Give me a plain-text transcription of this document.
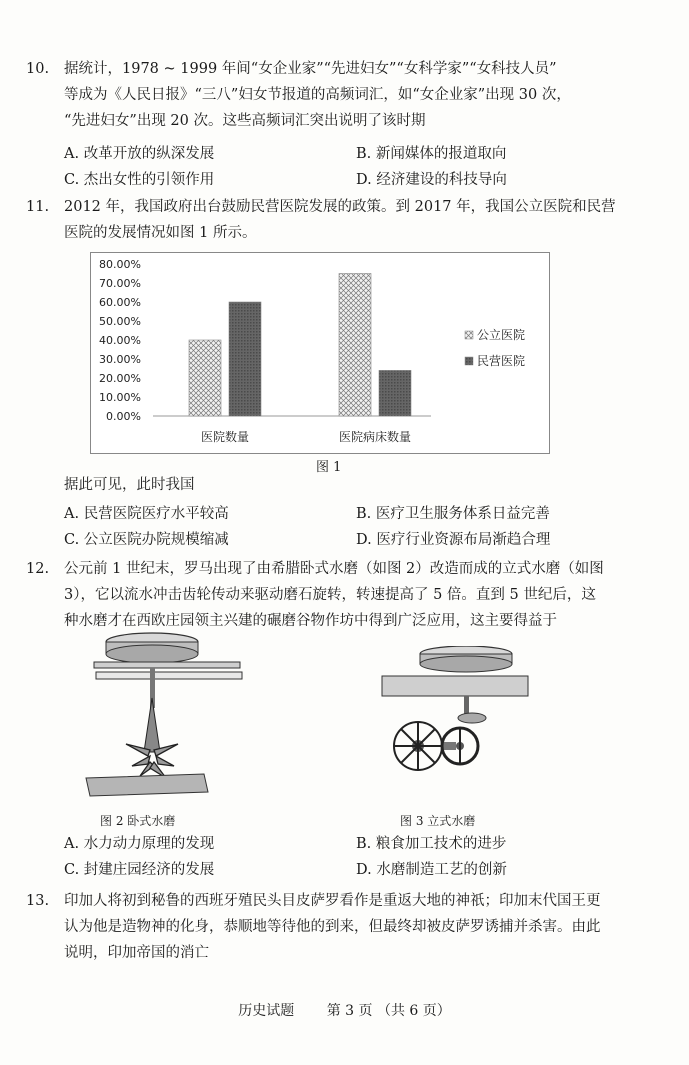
10.	据统计，1978 ~ 1999 年间“女企业家”“先进妇女”“女科学家”“女科技人员”
等成为《人民日报》“三八”妇女节报道的高频词汇，如“女企业家”出现 30 次，
“先进妇女”出现 20 次。这些高频词汇突出说明了该时期
A. 改革开放的纵深发展	B. 新闻媒体的报道取向
C. 杰出女性的引领作用	D. 经济建设的科技导向
11.	2012 年，我国政府出台鼓励民营医院发展的政策。到 2017 年，我国公立医院和民营
医院的发展情况如图 1 所示。
0.00%
10.00%
20.00%
30.00%
40.00%
50.00%
60.00%
70.00%
80.00%
医院数量	医院病床数量
公立医院
民营医院
图 1
据此可见，此时我国
A. 民营医院医疗水平较高	B. 医疗卫生服务体系日益完善
C. 公立医院办院规模缩减	D. 医疗行业资源布局渐趋合理
12.	公元前 1 世纪末，罗马出现了由希腊卧式水磨（如图 2）改造而成的立式水磨（如图
3），它以流水冲击齿轮传动来驱动磨石旋转，转速提高了 5 倍。直到 5 世纪后，这
种水磨才在西欧庄园领主兴建的碾磨谷物作坊中得到广泛应用，这主要得益于
图 2 卧式水磨	图 3 立式水磨
A. 水力动力原理的发现	B. 粮食加工技术的进步
C. 封建庄园经济的发展	D. 水磨制造工艺的创新
13.	印加人将初到秘鲁的西班牙殖民头目皮萨罗看作是重返大地的神祇；印加末代国王更
认为他是造物神的化身，恭顺地等待他的到来，但最终却被皮萨罗诱捕并杀害。由此
说明，印加帝国的消亡
历史试题 第 3 页 （共 6 页）
